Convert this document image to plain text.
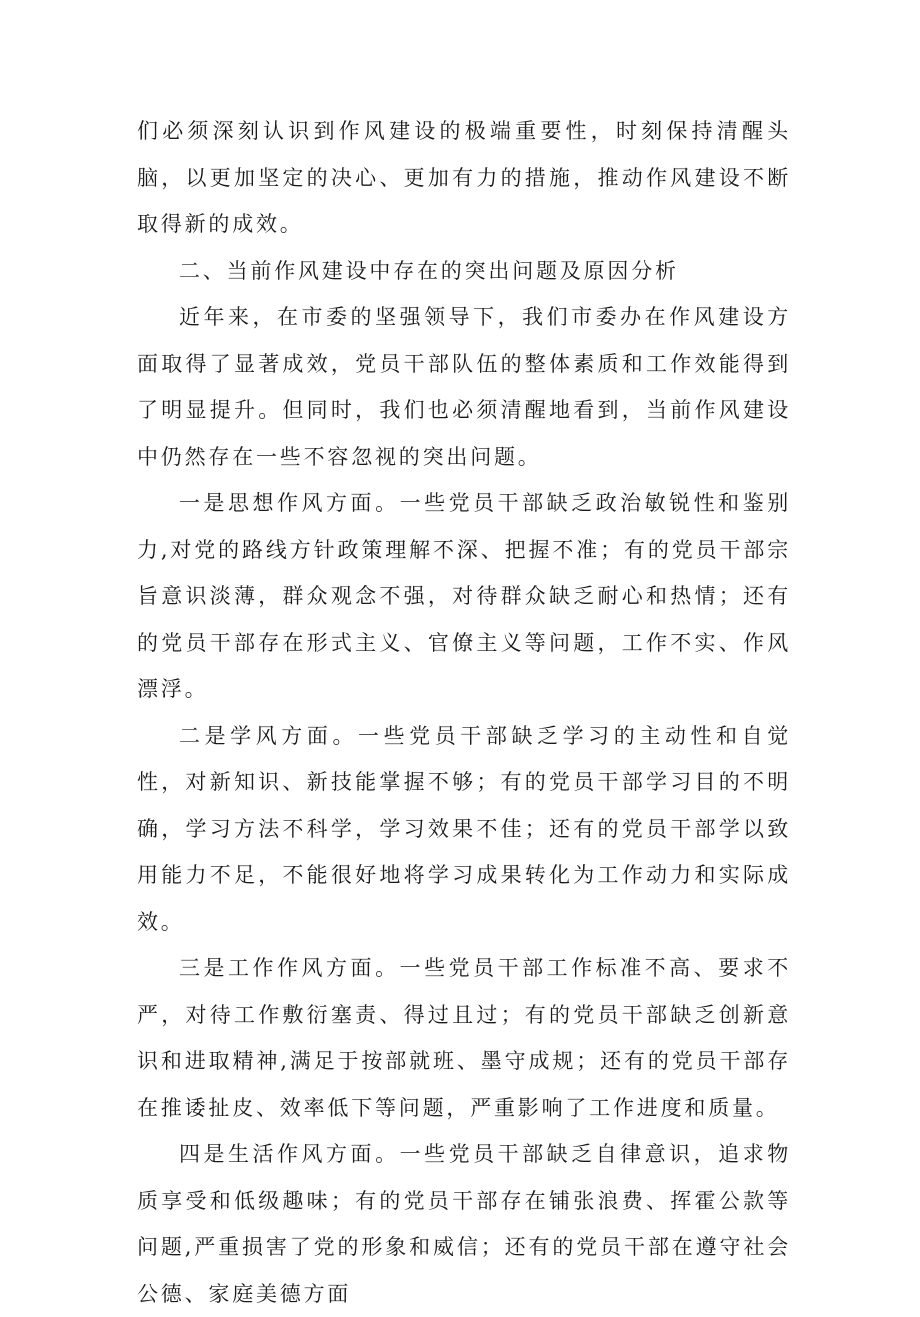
们必须深刻认识到作风建设的极端重要性，时刻保持清醒头脑，以更加坚定的决心、更加有力的措施，推动作风建设不断取得新的成效。

二、当前作风建设中存在的突出问题及原因分析

近年来，在市委的坚强领导下，我们市委办在作风建设方面取得了显著成效，党员干部队伍的整体素质和工作效能得到了明显提升。但同时，我们也必须清醒地看到，当前作风建设中仍然存在一些不容忽视的突出问题。

一是思想作风方面。一些党员干部缺乏政治敏锐性和鉴别力,对党的路线方针政策理解不深、把握不准；有的党员干部宗旨意识淡薄，群众观念不强，对待群众缺乏耐心和热情；还有的党员干部存在形式主义、官僚主义等问题，工作不实、作风漂浮。

二是学风方面。一些党员干部缺乏学习的主动性和自觉性，对新知识、新技能掌握不够；有的党员干部学习目的不明确，学习方法不科学，学习效果不佳；还有的党员干部学以致用能力不足，不能很好地将学习成果转化为工作动力和实际成效。

三是工作作风方面。一些党员干部工作标准不高、要求不严，对待工作敷衍塞责、得过且过；有的党员干部缺乏创新意识和进取精神,满足于按部就班、墨守成规；还有的党员干部存在推诿扯皮、效率低下等问题，严重影响了工作进度和质量。

四是生活作风方面。一些党员干部缺乏自律意识，追求物质享受和低级趣味；有的党员干部存在铺张浪费、挥霍公款等问题,严重损害了党的形象和威信；还有的党员干部在遵守社会公德、家庭美德方面
